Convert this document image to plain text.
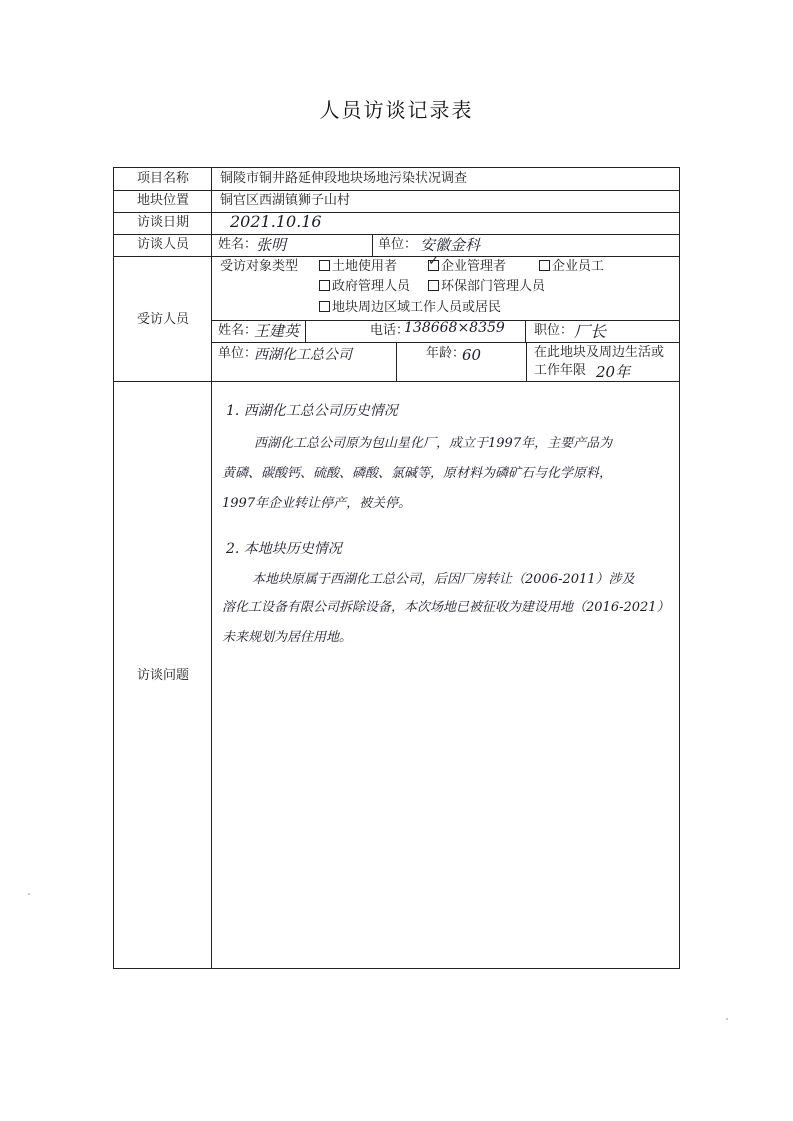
人员访谈记录表
项目名称	铜陵市铜井路延伸段地块场地污染状况调查
地块位置	铜官区西湖镇狮子山村
访谈日期	2021.10.16
访谈人员	姓名：
张明	单位： 安徽金科
受访人员
受访对象类型	土地使用者
✓	企业管理者	企业员工
政府管理人员	环保部门管理人员
地块周边区域工作人员或居民
姓名：
王建英	电话：
138668×8359 职位： 厂长
单位：
西湖化工总公司	年龄：
60	在此地块及周边生活或
工作年限 20年
访谈问题
1. 西湖化工总公司历史情况
西湖化工总公司原为包山星化厂，成立于1997年，主要产品为
黄磷、碳酸钙、硫酸、磷酸、氯碱等，原材料为磷矿石与化学原料，
1997年企业转让停产，被关停。
2. 本地块历史情况
本地块原属于西湖化工总公司，后因厂房转让（2006-2011）涉及
溶化工设备有限公司拆除设备，本次场地已被征收为建设用地（2016-2021）
未来规划为居住用地。
